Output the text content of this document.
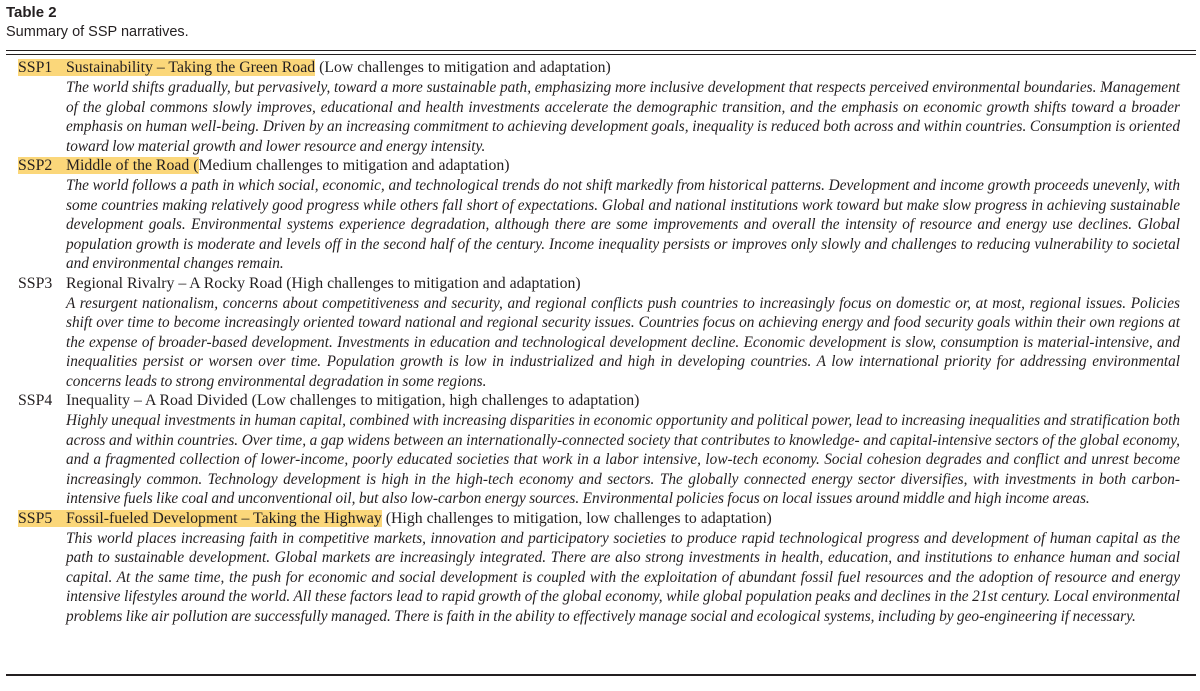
Table 2
Summary of SSP narratives.
SSP1 Sustainability – Taking the Green Road (Low challenges to mitigation and adaptation)
The world shifts gradually, but pervasively, toward a more sustainable path, emphasizing more inclusive development that respects perceived environmental boundaries. Management of the global commons slowly improves, educational and health investments accelerate the demographic transition, and the emphasis on economic growth shifts toward a broader emphasis on human well-being. Driven by an increasing commitment to achieving development goals, inequality is reduced both across and within countries. Consumption is oriented toward low material growth and lower resource and energy intensity.
SSP2 Middle of the Road (Medium challenges to mitigation and adaptation)
The world follows a path in which social, economic, and technological trends do not shift markedly from historical patterns. Development and income growth proceeds unevenly, with some countries making relatively good progress while others fall short of expectations. Global and national institutions work toward but make slow progress in achieving sustainable development goals. Environmental systems experience degradation, although there are some improvements and overall the intensity of resource and energy use declines. Global population growth is moderate and levels off in the second half of the century. Income inequality persists or improves only slowly and challenges to reducing vulnerability to societal and environmental changes remain.
SSP3 Regional Rivalry – A Rocky Road (High challenges to mitigation and adaptation)
A resurgent nationalism, concerns about competitiveness and security, and regional conflicts push countries to increasingly focus on domestic or, at most, regional issues. Policies shift over time to become increasingly oriented toward national and regional security issues. Countries focus on achieving energy and food security goals within their own regions at the expense of broader-based development. Investments in education and technological development decline. Economic development is slow, consumption is material-intensive, and inequalities persist or worsen over time. Population growth is low in industrialized and high in developing countries. A low international priority for addressing environmental concerns leads to strong environmental degradation in some regions.
SSP4 Inequality – A Road Divided (Low challenges to mitigation, high challenges to adaptation)
Highly unequal investments in human capital, combined with increasing disparities in economic opportunity and political power, lead to increasing inequalities and stratification both across and within countries. Over time, a gap widens between an internationally-connected society that contributes to knowledge- and capital-intensive sectors of the global economy, and a fragmented collection of lower-income, poorly educated societies that work in a labor intensive, low-tech economy. Social cohesion degrades and conflict and unrest become increasingly common. Technology development is high in the high-tech economy and sectors. The globally connected energy sector diversifies, with investments in both carbon-intensive fuels like coal and unconventional oil, but also low-carbon energy sources. Environmental policies focus on local issues around middle and high income areas.
SSP5 Fossil-fueled Development – Taking the Highway (High challenges to mitigation, low challenges to adaptation)
This world places increasing faith in competitive markets, innovation and participatory societies to produce rapid technological progress and development of human capital as the path to sustainable development. Global markets are increasingly integrated. There are also strong investments in health, education, and institutions to enhance human and social capital. At the same time, the push for economic and social development is coupled with the exploitation of abundant fossil fuel resources and the adoption of resource and energy intensive lifestyles around the world. All these factors lead to rapid growth of the global economy, while global population peaks and declines in the 21st century. Local environmental problems like air pollution are successfully managed. There is faith in the ability to effectively manage social and ecological systems, including by geo-engineering if necessary.
